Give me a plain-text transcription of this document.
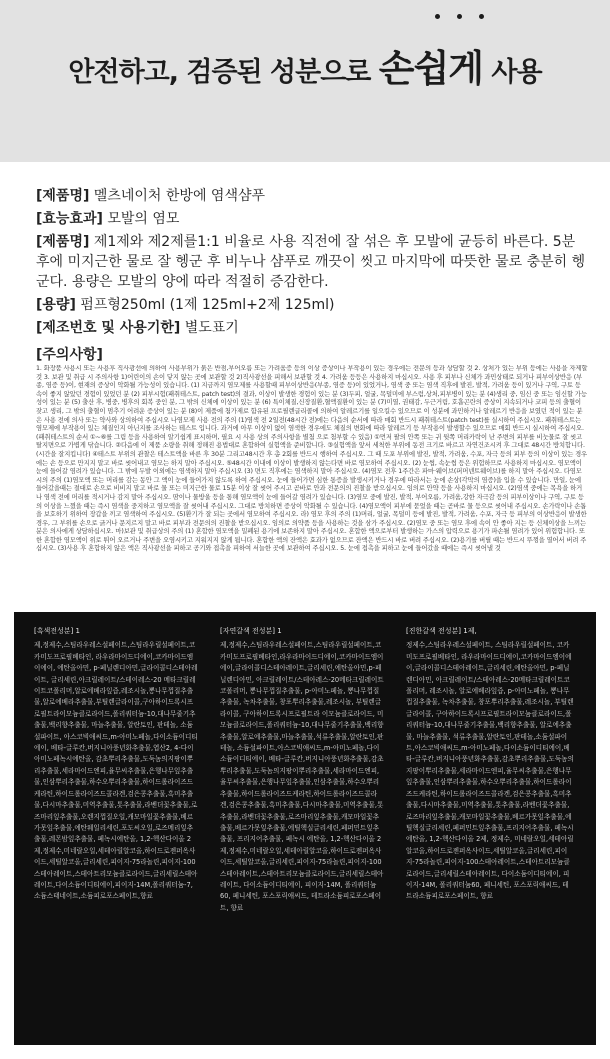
안전하고, 검증된 성분으로 손쉽게 사용
[제품명] 멜츠네이처 한방에 염색샴푸
[효능효과] 모발의 염모
[제품명] 제1제와 제2제를1:1 비율로 사용 직전에 잘 섞은 후 모발에 균등히 바른다. 5분 후에 미지근한 물로 잘 헹군 후 비누나 샴푸로 깨끗이 씻고 마지막에 따뜻한 물로 충분히 헹군다. 용량은 모발의 양에 따라 적절히 증감한다.
[용량] 펌프형250ml (1제 125ml+2제 125ml)
[제조번호 및 사용기한] 별도표기
[주의사항]
1. 화장품 사용시 또는 사용후 직사광선에 의하여 사용부위가 붉은 반점,부어오름 또는 가려움증 등의 이상 증상이나 부작용이 있는 경우에는 전문의 등과 상담할 것 2. 상처가 있는 부위 등에는 사용을 자제할 것 3. 보관 및 취급 시 주의사항 1)어린이의 손이 닿지 않는 곳에 보관할 것 2)직사광선을 피해서 보관할 것 4. 가려움 등등은 사용하지 마십시오. 사용 후 피부나 신체가 과민상태로 되거나 피부이상반응 (부종, 염증 등)이, 현재의 증상이 악화될 가능성이 있습니다. (1) 지금까지 염모제를 사용할때 피부이상반응(부종, 염증 등)이 있었거나, 염색 중 또는 염색 직후에 발진, 발적, 가려움 등이 있거나 구역, 구토 등 속이 좋지 않았던 경험이 있었던 분 (2) 피부시험(패취테스트, patch test)의 결과, 이상이 발생한 경험이 있는 분 (3)두피, 얼굴, 목덜미에 부스럼,상처,피부병이 있는 분 (4)생리 중, 임신 중 또는 임신할 가능성이 있는 분 (5) 출산 후, 병중, 병후의 회복 중인 분, 그 밖의 신체에 이상이 있는 분 (6) 특이체질,신장질환,혈액질환이 있는 분 (7)미열, 권태감, 두근거림, 호흡곤란의 증상이 지속되거나 코피 등의 출혈이 잦고 생리, 그 밖의 출혈이 멈추기 어려운 증상이 있는 분 (8)이 제품에 첨가제로 함유된 프로필렌글리콜에 의하여 알레르기를 일으킬수 있으므로 이 성분에 과민하거나 알레르기 반응을 보였던 적이 있는 분은 사용 전에 의사 또는 약사와 상의하여 주십시오 나염모제 사용 전의 주의 (1)염색 전 2일전(48시간 전)에는 다음의 순서에 따라 매회 반드시 패취테스트(patch test)를 실시하여 주십시오. 패취테스트는 염모제에 부작용이 있는 체질인지 아닌지를 조사하는 테스트 입니다. 과거에 아무 이상이 없이 염색한 경우에도 체질의 변화에 따라 알레르기 등 부작용이 발생할수 있으므로 매회 반드시 실시하여 주십시오. (패취테스트의 순서 ①~⑥를 그림 등을 사용하여 알기쉽게 표시하며, 필요 시 사용 상의 주의사항을 별첨 으로 첨부할 수 있음) ①먼저 팔의 안쪽 또는 귀 뒷쪽 머리카락이 난 주변의 피부를 비눗물로 잘 씻고 탈지면으로 가볍게 닦습니다. ②다음에 이 제품 소량을 취해 정해진 용법대로 혼합하여 실험액을 준비합니다. ③실험액을 앞서 세척한 부위에 동전 크기로 바르고 자연건조시켜 후 그대로 48시간 방치합니다.(시간을 잘지킵니다) ④테스트 부위의 관찰은 테스트액을 바른 후 30분 그리고48시간 후 총 2회를 반드시 행하여 주십시오. 그 때 도포 부위에 발진, 발적, 가려움, 수포, 자극 등의 피부 등의 이상이 있는 경우에는 손 등으로 만지지 말고 바로 씻어내고 염모는 하지 말아 주십시오. ⑤48시간 이내에 이상이 발생하지 않는다면 바로 염모하여 주십시오. (2) 눈썹, 속눈썹 등은 위험하므로 사용하지 마십시오. 염모액이 눈에 들어갈 염려가 있습니다. 그 밖에 두발 이외에는 염색하지 말아 주십시오 (3) 면도 직후에는 염색하지 말아 주십시오. (4)염모 전후 1주간은 파마·웨이브(퍼머넨트웨이브)를 하지 말아 주십시오. 다염모 시의 주의 (1)염모액 또는 머리를 감는 동안 그 액이 눈에 들어가지 않도록 하여 주십시오. 눈에 들어가면 심한 통증을 발생시키거나 경우에 따라서는 눈에 손상(각막의 염증)을 입을 수 있습니다. 만일, 눈에 들어갔을때는 절대로 손으로 비비지 말고 바로 물 또는 미지근한 물로 15분 이상 잘 씻어 주시고 곧바로 안과 전문의의 진찰을 받으십시오. 임의로 안약 등을 사용하지 마십시오. (2)염색 중에는 목욕을 하거나 염색 전에 머리를 적시거나 감지 말아 주십시오. 땀이나 물방울 등을 통해 염모액이 눈에 들어갈 염려가 있습니다. (3)염모 중에 발진, 발적, 부어오름, 가려움,강한 자극감 등의 피부이상이나 구역, 구토 등의 이상을 느꼈을 때는 즉시 염색을 중지하고 염모액을 잘 씻어내 주십시오. 그대로 방치하면 증상이 악화될 수 있습니다. (4)염모액이 피부에 묻었을 때는 곧바로 물 등으로 씻어내 주십시오. 손가락이나 손톱을 보호하기 위하여 장갑을 끼고 염색하여 주십시오. (5)환기가 잘 되는 곳에서 염모하여 주십시오. 라) 염모 후의 주의 (1)머리, 얼굴, 목덜미 등에 발진, 발적, 가려움, 수포, 자극 등 피부의 이상반응이 발생한 경우, 그 부위를 손으로 긁거나 문지르지 말고 바로 피부과 전문의의 진찰을 받으십시오. 임의로 의약품 등을 사용하는 것을 삼가 주십시오. (2)염모 중 또는 염모 후에 속이 안 좋아 지는 등 신체이상을 느끼는 분은 의사에게 상담하십시오. 마)보관 및 취급상의 주의 (1) 혼합한 염모액을 밀폐된 용기에 보존하지 말아 주십시오. 혼합한 액으로부터 발생하는 가스의 압력으로 용기가 파손될 염려가 있어 위험합니다. 또한 혼합한 염모액이 위로 튀어 오르거나 주변을 오염시키고 지워지지 않게 됩니다. 혼합한 액의 잔액은 효과가 없으므로 잔액은 반드시 바로 버려 주십시오. (2)용기를 버릴 때는 반드시 뚜껑을 열어서 버려 주십시오. (3)사용 후 혼합하지 않은 액은 직사광선을 피하고 공기와 접촉을 피하여 서늘한 곳에 보관하여 주십시오. 5. 눈에 접촉을 피하고 눈에 들어갔을 때에는 즉시 씻어낼 것
[흑색전성분] 1
제,정제수,스팀라우레스설페이트,스팀라우릴설페이트,코카미도프로필베타인, 라우라마이드디에이,코카마이드엠이에이, 에탄올아민, p-페닐렌디아민,글라이콜디스테아레이트, 글리세린,아크릴레이트/스테이레스-20 메타크릴레이트코폴리머,알로에베라잎즙,레조시놀,뽕나무껍질추출물,알로에베라추출물,부틸렌글라이콜,구아하이드록시프로필트라이모늄클로라이드,폴리쿼터늄-10,대나무줄기추출물,백리향추출물, 마늘추출물, 알란토인, 판테놀, 소듐설파이트, 아스코빅애씨드,m-아미노페놀,다이소듐이디티에이, 베타-글루칸,버지니아풍년화추출물,엽산2, 4-다이아미노페녹시에탄올, 감초뿌리추출물,도둑놈의지팡이뿌리추출물,세라마이드엔피,율무씨추출물,은행나무잎추출물,인삼뿌리추출물,하수오뿌리추출물,하이드롤라이즈드케라틴,하이드롤라이즈드콜라겐,검은콩추출물,흑미추출물,다시마추출물,미역추출물,톳추출물,라벤더꽃추출물,로즈마리잎추출물,오렌지껍질오일,캐모마일꽃추출물,베르가못잎추출물,에탄웨일리세린,포도씨오일,로즈메리잎추출물,레몬밤잎추출물, 페녹시에탄올, 1,2-헥산다이올 2 제,정제수,미네랄오일,세테아릴알코올,하이드로젠퍼옥사이드,세틸알코올,글리세린,피이지-75라놀린,피이지-100 스테아레이트,스테아트리모늄클로라이드,글리세릴스테아레이트,다이소듐이디티에이,피이지-14M,폴리쿼터늄-7,소듐스태네이트,소듐피로포스페이트,향료
[자연갈색 전성분] 1
제,정제수,스팀라우레스설페이트,스팀라우릴설페이트,코카미도프로필베타인,라우라마이드디에이,코카마이드엠이에이,글라이콜디스테아레이트,글리세린,에탄올아민,p-페닐렌디아민, 아크릴레이트/스테아레스-20메타크릴레이트코폴리머, 뽕나무껍질추출물, p-아미노페놀, 뽕나무껍질추출물, 녹차추출물, 창포뿌리추출물,레조시놀, 부틸렌글라이콜, 구아하이드록시프로필트라 이모늄클로라이드, 미모늄클로라이드,폴리쿼터늄-10,대나무줄기추출물,백리향추출물,알로에추출물,마늘추출물,석류추출물,알란토인,판테놀, 소듐설파이트,아스코빅애씨드,m-아미노페놀,다이소듐이디티에이, 베타-글루칸,버지니아풍년화추출물,감초뿌리추출물,도둑놈의지팡이뿌리추출물,세라마이드엔피,율무씨추출물,은행나무잎추출물,인삼추출물,하수오뿌리추출물,하이드롤라이즈드케라틴,하이드롤라이즈드콜라겐,검은콩추출물,흑미추출물,다시마추출물,미역추출물,톳추출물,라벤더꽃추출물,로즈마리잎추출물,캐모마일꽃추출물,베르가못잎추출물,에틸헥실글리세린,페퍼민트잎추출물, 프리지어추출물, 페녹시 에탄올, 1,2-헥산다이올 2제,정제수,미네랄오일,세테아릴알코올,하이드로젠퍼옥사이드,세틸알코올,글리세린,피이지-75라놀린,피이지-100스테아레이트,스테아트리모늄클로라이드,글리세릴스테아레이트, 다이소듐이디티에이, 피이지-14M, 폴리쿼터늄60, 페니세틴, 포스포릭애씨드, 테트라소듐피로포스페이트, 향료
[진한갈색 전성분] 1제,
정제수,스팀라우레스설페이트, 스팀라우릴설페이트, 코카미도프로필베타인, 라우라마이드디에이,코카마이드엠이에이,글라이콜디스테아레이트,글리세린,에탄올아민, p-페닐렌디아민, 아크릴레이트/스테아레스-20메타크릴레이트코폴리머, 레조시놀, 알로에베라잎즙, p-아미노페놀, 뽕나무껍질추출물, 녹차추출물, 창포뿌리추출물,레조시놀, 부틸렌글라이콜, 구아하이드록시프로필트라이모늄클로라이드,폴리쿼터늄-10,대나무줄기추출물,백리향추출물, 알로에추출물, 마늘추출물, 석류추출물,알란토인,판테놀,소듐설파이트,아스코빅애씨드,m-아미노페놀,다이소듐이디티에이,베타-글루칸,버지니아풍년화추출물,감초뿌리추출물,도둑놈의지팡이뿌리추출물,세라마이드엔피,율무씨추출물,은행나무잎추출물,인삼뿌리추출물,하수오뿌리추출물,하이드롤라이즈드케라틴,하이드롤라이즈드콜라겐,검은콩추출물,흑미추출물,다시마추출물,미역추출물,톳추출물,라벤더꽃추출물,로즈마리잎추출물,캐모마일꽃추출물,베르가못잎추출물,에틸헥실글리세린,페퍼민트잎추출물,프리지어추출물, 페녹시 에탄올, 1,2-헥산다이올 2제, 정제수, 미네랄오일,세테아릴알코올,하이드로젠퍼옥사이드,세틸알코올,글리세린,피이지-75라놀린,피이지-100스테아레이트,스테아트리모늄클로라이드,글리세릴스테아레이트, 다이소듐이디티에이, 피이지-14M, 폴리쿼터늄60, 페니세틴, 포스포릭애씨드, 테트라소듐피로포스페이트, 향료
